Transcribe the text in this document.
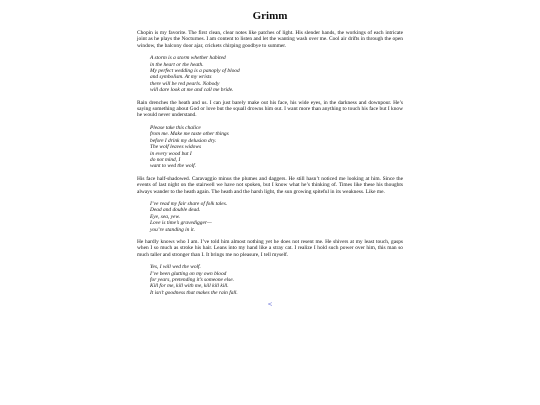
Grimm

Chopin is my favorite. The first clean, clear notes like patches of light. His slender hands, the workings of each intricate joint as he plays the Nocturnes. I am content to listen and let the wanting wash over me. Cool air drifts in through the open window, the balcony door ajar, crickets chirping goodbye to summer.

A storm is a storm whether habited
in the heart or the heath.
My perfect wedding is a panoply of blood
and symbolism. At my wrists
there will be red pearls. Nobody
will dare look at me and call me bride.

Rain drenches the heath and us. I can just barely make out his face, his wide eyes, in the darkness and downpour. He’s saying something about God or love but the squall drowns him out. I want more than anything to touch his face but I know he would never understand.

Please take this chalice
from me. Make me taste other things
before I drink my delusion dry.
The wolf leaves widows
in every wood but I
do not mind, I
want to wed the wolf.

His face half-shadowed. Caravaggio minus the plumes and daggers. He still hasn’t noticed me looking at him. Since the events of last night on the stairwell we have not spoken, but I know what he’s thinking of. Times like these his thoughts always wander to the heath again. The heath and the harsh light, the sun growing spiteful in its weakness. Like me.

I’ve read my fair share of folk tales.
Dead and double dead.
Eye, sea, yew.
Love is time’s gravedigger—
you’re standing in it.

He hardly knows who I am. I’ve told him almost nothing yet he does not resent me. He shivers at my least touch, gasps when I so much as stroke his hair. Leans into my hand like a stray cat. I realize I hold such power over him, this man so much taller and stronger than I. It brings me no pleasure, I tell myself.

Yes, I will wed the wolf.
I’ve been glutting on my own blood
for years, pretending it’s someone else.
Kill for me, kill with me, kill kill kill.
It isn’t goodness that makes the rain fall.
<
